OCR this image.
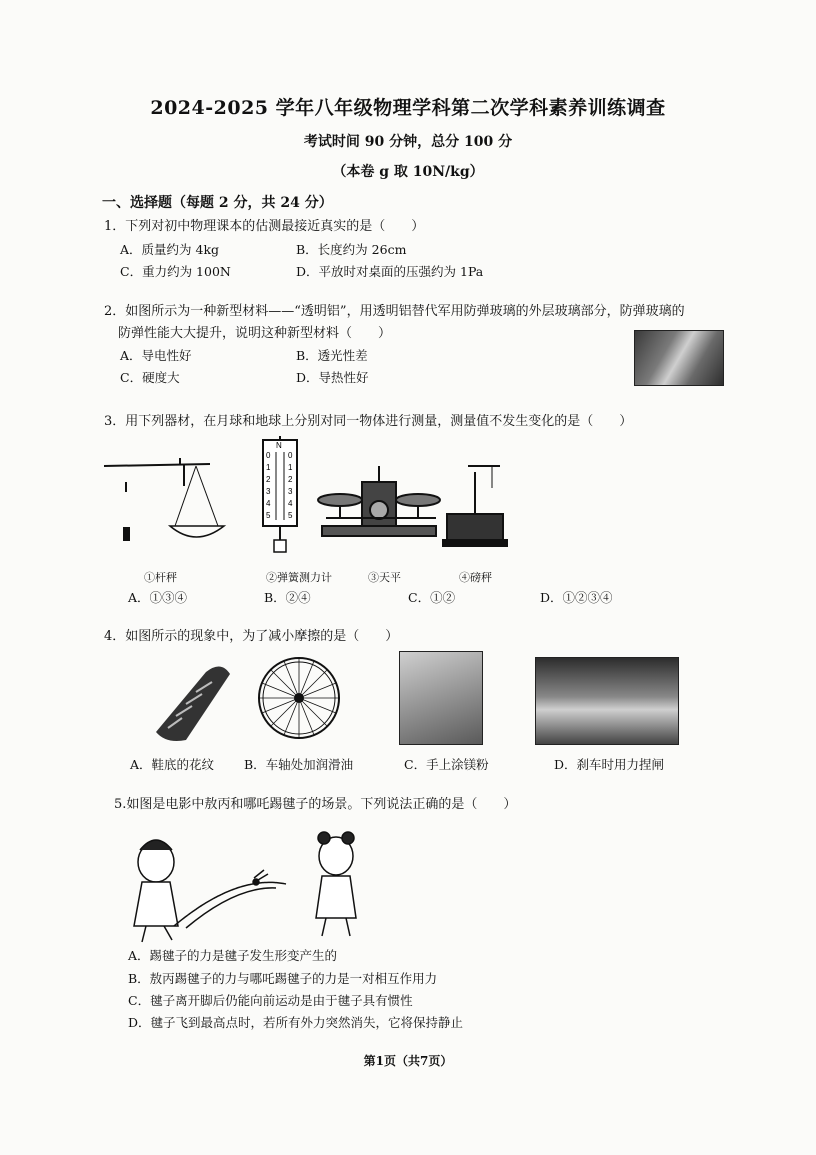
2024-2025 学年八年级物理学科第二次学科素养训练调查
考试时间 90 分钟，总分 100 分
（本卷 g 取 10N/kg）
一、选择题（每题 2 分，共 24 分）
1．下列对初中物理课本的估测最接近真实的是（　　）
A．质量约为 4kg	B．长度约为 26cm
C．重力约为 100N	D．平放时对桌面的压强约为 1Pa
2．如图所示为一种新型材料——“透明铝”，用透明铝替代军用防弹玻璃的外层玻璃部分，防弹玻璃的
防弹性能大大提升，说明这种新型材料（　　）
A．导电性好	B．透光性差
C．硬度大	D．导热性好
3．用下列器材，在月球和地球上分别对同一物体进行测量，测量值不发生变化的是（　　）
N
0
1
2
3
4
5
0
1
2
3
4
5
①杆秤	②弹簧测力计	③天平	④磅秤
A．①③④	B．②④	C．①②	D．①②③④
4．如图所示的现象中，为了减小摩擦的是（　　）
A．鞋底的花纹 B．车轴处加润滑油	C．手上涂镁粉	D．刹车时用力捏闸
5.如图是电影中敖丙和哪吒踢毽子的场景。下列说法正确的是（　　）
A．踢毽子的力是毽子发生形变产生的
B．敖丙踢毽子的力与哪吒踢毽子的力是一对相互作用力
C．毽子离开脚后仍能向前运动是由于毽子具有惯性
D．毽子飞到最高点时，若所有外力突然消失，它将保持静止
第1页（共7页）
